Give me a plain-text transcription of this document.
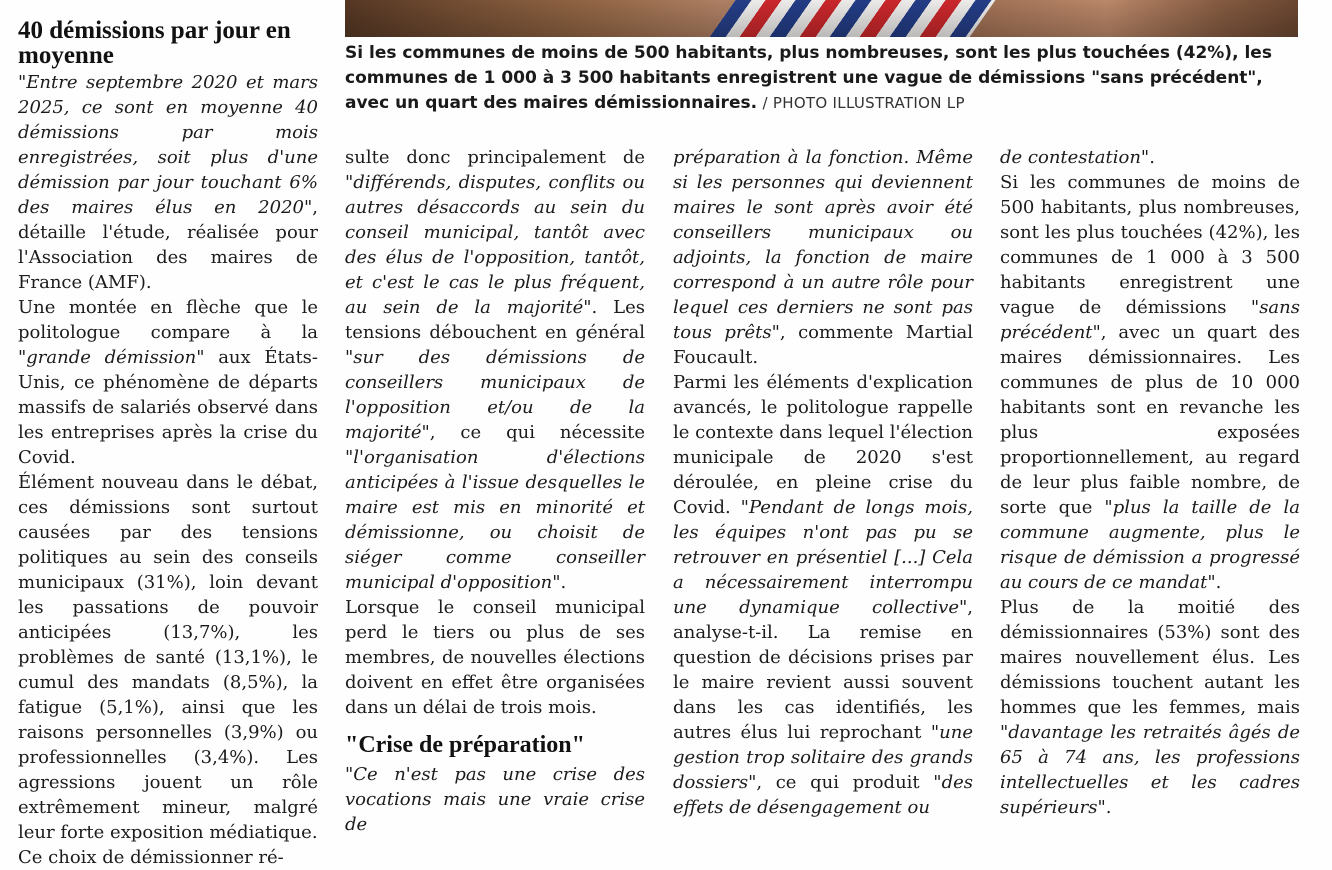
Si les communes de moins de 500 habitants, plus nombreuses, sont les plus touchées (42%), les communes de 1 000 à 3 500 habitants enregistrent une vague de démissions "sans précédent", avec un quart des maires démissionnaires. / PHOTO ILLUSTRATION LP
40 démissions par jour en moyenne

"Entre septembre 2020 et mars 2025, ce sont en moyenne 40 démissions par mois enregistrées, soit plus d'une démission par jour touchant 6% des maires élus en 2020", détaille l'étude, réalisée pour l'Association des maires de France (AMF).

Une montée en flèche que le politologue compare à la "grande démission" aux États-Unis, ce phénomène de départs massifs de salariés observé dans les entreprises après la crise du Covid.

Élément nouveau dans le débat, ces démissions sont surtout causées par des tensions politiques au sein des conseils municipaux (31%), loin devant les passations de pouvoir anticipées (13,7%), les problèmes de santé (13,1%), le cumul des mandats (8,5%), la fatigue (5,1%), ainsi que les raisons personnelles (3,9%) ou professionnelles (3,4%). Les agressions jouent un rôle extrêmement mineur, malgré leur forte exposition médiatique.

Ce choix de démissionner ré-

sulte donc principalement de "différends, disputes, conflits ou autres désaccords au sein du conseil municipal, tantôt avec des élus de l'opposition, tantôt, et c'est le cas le plus fréquent, au sein de la majorité". Les tensions débouchent en général "sur des démissions de conseillers municipaux de l'opposition et/ou de la majorité", ce qui nécessite "l'organisation d'élections anticipées à l'issue desquelles le maire est mis en minorité et démissionne, ou choisit de siéger comme conseiller municipal d'opposition".

Lorsque le conseil municipal perd le tiers ou plus de ses membres, de nouvelles élections doivent en effet être organisées dans un délai de trois mois.

"Crise de préparation"

"Ce n'est pas une crise des vocations mais une vraie crise de

préparation à la fonction. Même si les personnes qui deviennent maires le sont après avoir été conseillers municipaux ou adjoints, la fonction de maire correspond à un autre rôle pour lequel ces derniers ne sont pas tous prêts", commente Martial Foucault.

Parmi les éléments d'explication avancés, le politologue rappelle le contexte dans lequel l'élection municipale de 2020 s'est déroulée, en pleine crise du Covid. "Pendant de longs mois, les équipes n'ont pas pu se retrouver en présentiel [...] Cela a nécessairement interrompu une dynamique collective", analyse-t-il. La remise en question de décisions prises par le maire revient aussi souvent dans les cas identifiés, les autres élus lui reprochant "une gestion trop solitaire des grands dossiers", ce qui produit "des effets de désengagement ou

de contestation".

Si les communes de moins de 500 habitants, plus nombreuses, sont les plus touchées (42%), les communes de 1 000 à 3 500 habitants enregistrent une vague de démissions "sans précédent", avec un quart des maires démissionnaires. Les communes de plus de 10 000 habitants sont en revanche les plus exposées proportionnellement, au regard de leur plus faible nombre, de sorte que "plus la taille de la commune augmente, plus le risque de démission a progressé au cours de ce mandat".

Plus de la moitié des démissionnaires (53%) sont des maires nouvellement élus. Les démissions touchent autant les hommes que les femmes, mais "davantage les retraités âgés de 65 à 74 ans, les professions intellectuelles et les cadres supérieurs".
